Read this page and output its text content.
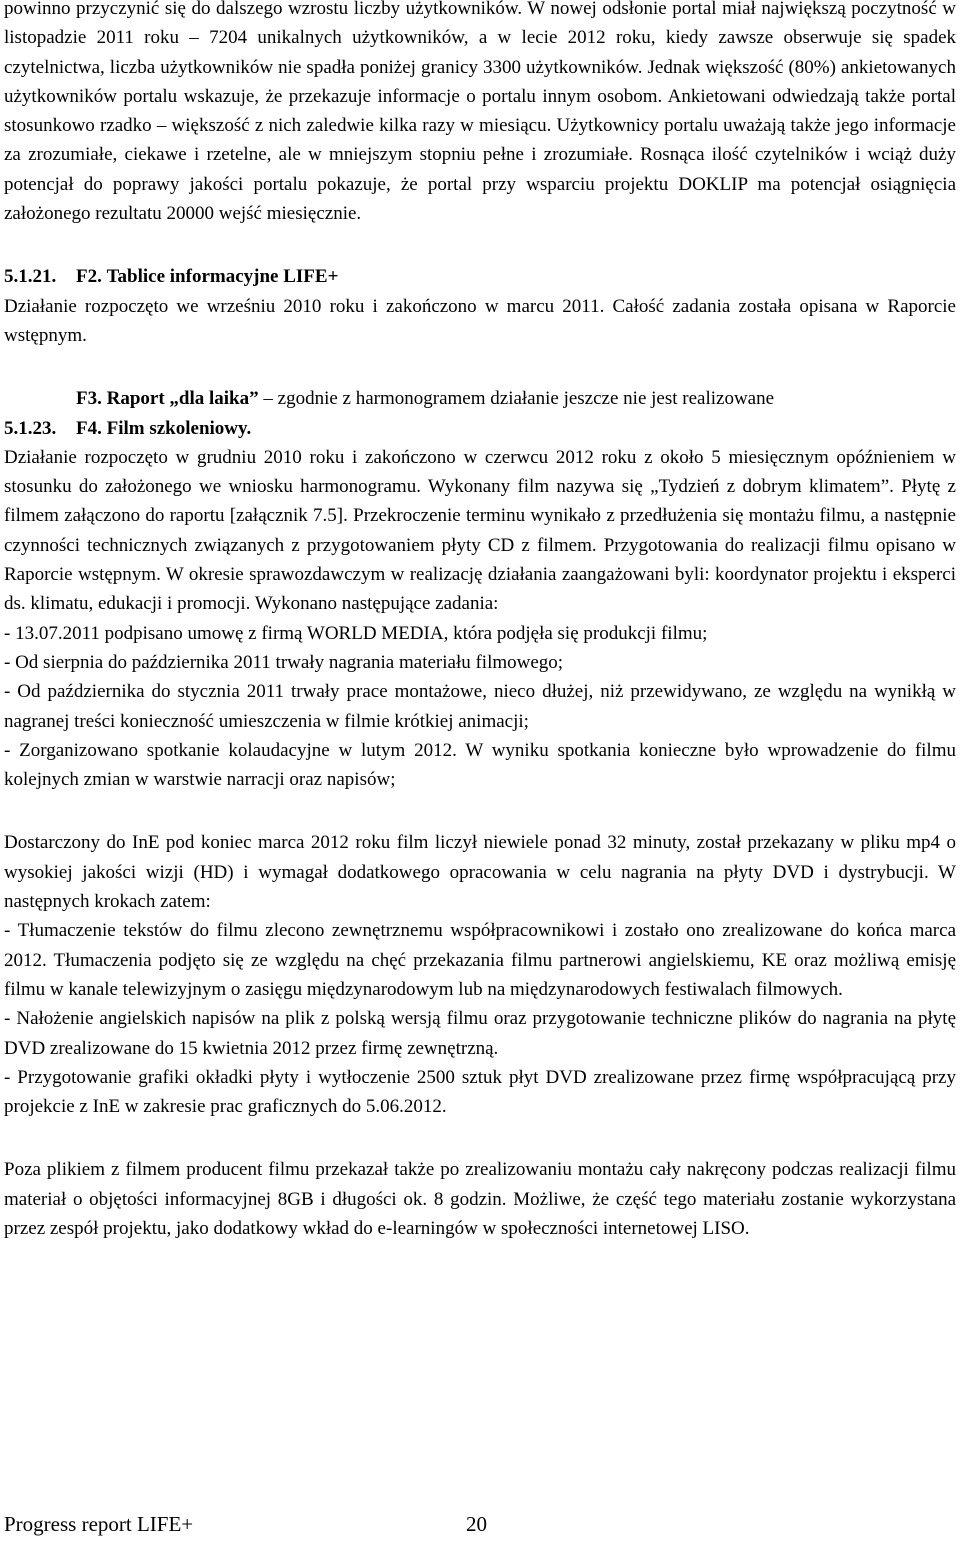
powinno przyczynić się do dalszego wzrostu liczby użytkowników. W nowej odsłonie portal miał największą poczytność w listopadzie 2011 roku – 7204 unikalnych użytkowników, a w lecie 2012 roku, kiedy zawsze obserwuje się spadek czytelnictwa, liczba użytkowników nie spadła poniżej granicy 3300 użytkowników. Jednak większość (80%) ankietowanych użytkowników portalu wskazuje, że przekazuje informacje o portalu innym osobom. Ankietowani odwiedzają także portal stosunkowo rzadko – większość z nich zaledwie kilka razy w miesiącu. Użytkownicy portalu uważają także jego informacje za zrozumiałe, ciekawe i rzetelne, ale w mniejszym stopniu pełne i zrozumiałe. Rosnąca ilość czytelników i wciąż duży potencjał do poprawy jakości portalu pokazuje, że portal przy wsparciu projektu DOKLIP ma potencjał osiągnięcia założonego rezultatu 20000 wejść miesięcznie.

5.1.21. F2. Tablice informacyjne LIFE+

Działanie rozpoczęto we wrześniu 2010 roku i zakończono w marcu 2011. Całość zadania została opisana w Raporcie wstępnym.

F3. Raport „dla laika” – zgodnie z harmonogramem działanie jeszcze nie jest realizowane
5.1.23. F4. Film szkoleniowy.

Działanie rozpoczęto w grudniu 2010 roku i zakończono w czerwcu 2012 roku z około 5 miesięcznym opóźnieniem w stosunku do założonego we wniosku harmonogramu. Wykonany film nazywa się „Tydzień z dobrym klimatem”. Płytę z filmem załączono do raportu [załącznik 7.5]. Przekroczenie terminu wynikało z przedłużenia się montażu filmu, a następnie czynności technicznych związanych z przygotowaniem płyty CD z filmem. Przygotowania do realizacji filmu opisano w Raporcie wstępnym. W okresie sprawozdawczym w realizację działania zaangażowani byli: koordynator projektu i eksperci ds. klimatu, edukacji i promocji. Wykonano następujące zadania:

- 13.07.2011 podpisano umowę z firmą WORLD MEDIA, która podjęła się produkcji filmu;

- Od sierpnia do października 2011 trwały nagrania materiału filmowego;

- Od października do stycznia 2011 trwały prace montażowe, nieco dłużej, niż przewidywano, ze względu na wynikłą w nagranej treści konieczność umieszczenia w filmie krótkiej animacji;

- Zorganizowano spotkanie kolaudacyjne w lutym 2012. W wyniku spotkania konieczne było wprowadzenie do filmu kolejnych zmian w warstwie narracji oraz napisów;

Dostarczony do InE pod koniec marca 2012 roku film liczył niewiele ponad 32 minuty, został przekazany w pliku mp4 o wysokiej jakości wizji (HD) i wymagał dodatkowego opracowania w celu nagrania na płyty DVD i dystrybucji. W następnych krokach zatem:

- Tłumaczenie tekstów do filmu zlecono zewnętrznemu współpracownikowi i zostało ono zrealizowane do końca marca 2012. Tłumaczenia podjęto się ze względu na chęć przekazania filmu partnerowi angielskiemu, KE oraz możliwą emisję filmu w kanale telewizyjnym o zasięgu międzynarodowym lub na międzynarodowych festiwalach filmowych.

- Nałożenie angielskich napisów na plik z polską wersją filmu oraz przygotowanie techniczne plików do nagrania na płytę DVD zrealizowane do 15 kwietnia 2012 przez firmę zewnętrzną.

- Przygotowanie grafiki okładki płyty i wytłoczenie 2500 sztuk płyt DVD zrealizowane przez firmę współpracującą przy projekcie z InE w zakresie prac graficznych do 5.06.2012.

Poza plikiem z filmem producent filmu przekazał także po zrealizowaniu montażu cały nakręcony podczas realizacji filmu materiał o objętości informacyjnej 8GB i długości ok. 8 godzin. Możliwe, że część tego materiału zostanie wykorzystana przez zespół projektu, jako dodatkowy wkład do e-learningów w społeczności internetowej LISO.

Progress report LIFE+	20
